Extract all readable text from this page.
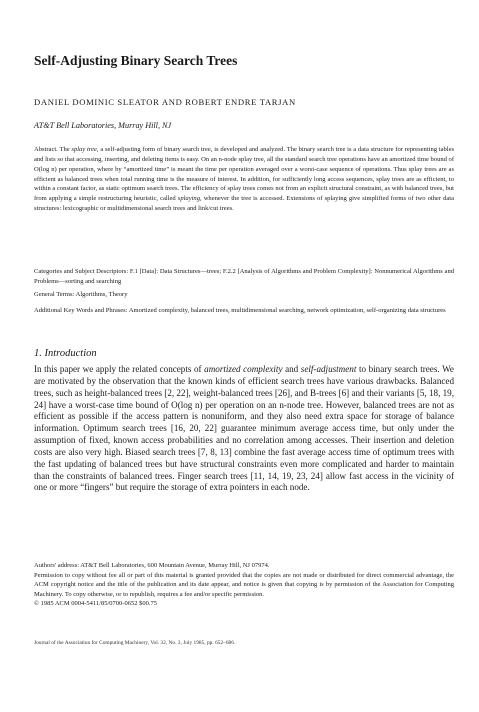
Self-Adjusting Binary Search Trees
DANIEL DOMINIC SLEATOR AND ROBERT ENDRE TARJAN
AT&T Bell Laboratories, Murray Hill, NJ
Abstract. The splay tree, a self-adjusting form of binary search tree, is developed and analyzed. The binary search tree is a data structure for representing tables and lists so that accessing, inserting, and deleting items is easy. On an n-node splay tree, all the standard search tree operations have an amortized time bound of O(log n) per operation, where by “amortized time” is meant the time per operation averaged over a worst-case sequence of operations. Thus splay trees are as efficient as balanced trees when total running time is the measure of interest. In addition, for sufficiently long access sequences, splay trees are as efficient, to within a constant factor, as static optimum search trees. The efficiency of splay trees comes not from an explicit structural constraint, as with balanced trees, but from applying a simple restructuring heuristic, called splaying, whenever the tree is accessed. Extensions of splaying give simplified forms of two other data structures: lexicographic or multidimensional search trees and link/cut trees.
Categories and Subject Descriptors: F.1 [Data]: Data Structures—trees; F.2.2 [Analysis of Algorithms and Problem Complexity]: Nonnumerical Algorithms and Problems—sorting and searching
General Terms: Algorithms, Theory
Additional Key Words and Phrases: Amortized complexity, balanced trees, multidimensional searching, network optimization, self-organizing data structures
1. Introduction
In this paper we apply the related concepts of amortized complexity and self-adjustment to binary search trees. We are motivated by the observation that the known kinds of efficient search trees have various drawbacks. Balanced trees, such as height-balanced trees [2, 22], weight-balanced trees [26], and B-trees [6] and their variants [5, 18, 19, 24] have a worst-case time bound of O(log n) per operation on an n-node tree. However, balanced trees are not as efficient as possible if the access pattern is nonuniform, and they also need extra space for storage of balance information. Optimum search trees [16, 20, 22] guarantee minimum average access time, but only under the assumption of fixed, known access probabilities and no correlation among accesses. Their insertion and deletion costs are also very high. Biased search trees [7, 8, 13] combine the fast average access time of optimum trees with the fast updating of balanced trees but have structural constraints even more complicated and harder to maintain than the constraints of balanced trees. Finger search trees [11, 14, 19, 23, 24] allow fast access in the vicinity of one or more “fingers” but require the storage of extra pointers in each node.

Authors' address: AT&T Bell Laboratories, 600 Mountain Avenue, Murray Hill, NJ 07974.

Permission to copy without fee all or part of this material is granted provided that the copies are not made or distributed for direct commercial advantage, the ACM copyright notice and the title of the publication and its date appear, and notice is given that copying is by permission of the Association for Computing Machinery. To copy otherwise, or to republish, requires a fee and/or specific permission.

© 1985 ACM 0004-5411/85/0700-0652 $00.75

Journal of the Association for Computing Machinery, Vol. 32, No. 3, July 1985, pp. 652–686.
